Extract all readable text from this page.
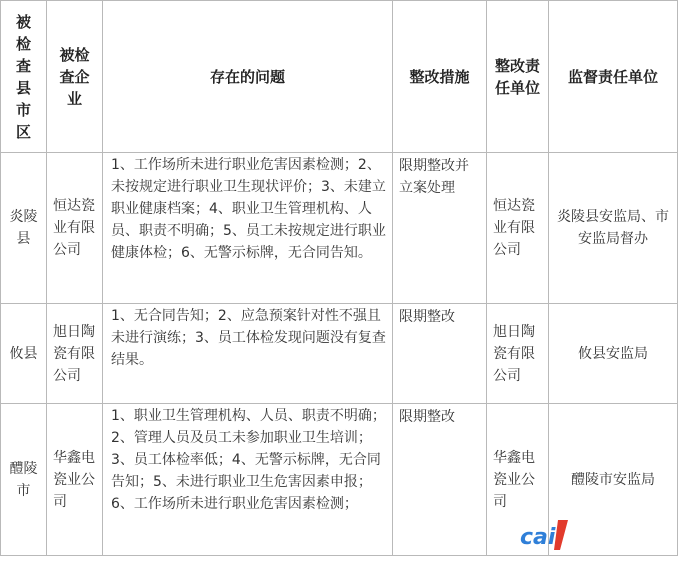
被检查县市区	被检查企业	存在的问题	整改措施	整改责任单位	监督责任单位
炎陵县	恒达瓷业有限公司	1、工作场所未进行职业危害因素检测；2、未按规定进行职业卫生现状评价；3、未建立职业健康档案；4、职业卫生管理机构、人员、职责不明确；5、员工未按规定进行职业健康体检；6、无警示标牌，无合同告知。	限期整改并立案处理	恒达瓷业有限公司	炎陵县安监局、市安监局督办
攸县	旭日陶瓷有限公司	1、无合同告知；2、应急预案针对性不强且未进行演练；3、员工体检发现问题没有复查结果。	限期整改	旭日陶瓷有限公司	攸县安监局
醴陵市	华鑫电瓷业公司	1、职业卫生管理机构、人员、职责不明确；2、管理人员及员工未参加职业卫生培训；3、员工体检率低；4、无警示标牌，无合同告知；5、未进行职业卫生危害因素申报；6、工作场所未进行职业危害因素检测；	限期整改	华鑫电瓷业公司	醴陵市安监局
cai
